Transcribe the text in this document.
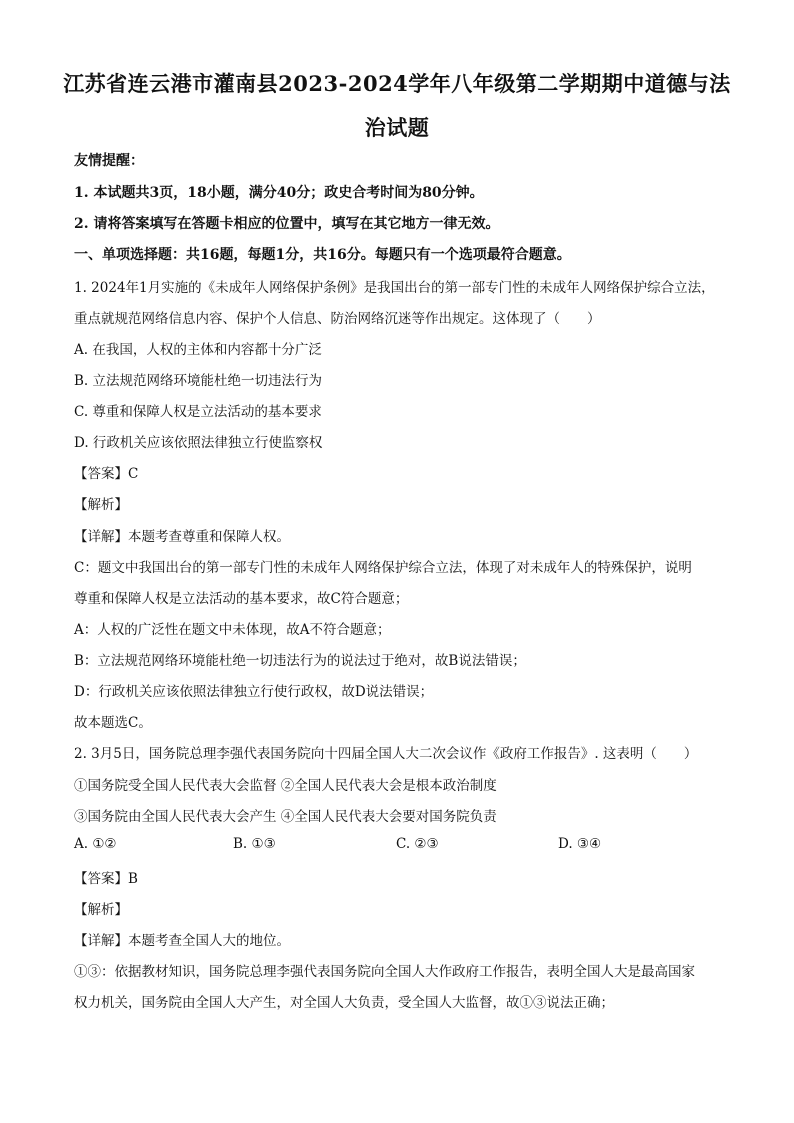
江苏省连云港市灌南县2023-2024学年八年级第二学期期中道德与法
治试题
友情提醒：
1. 本试题共3页，18小题，满分40分；政史合考时间为80分钟。
2. 请将答案填写在答题卡相应的位置中，填写在其它地方一律无效。
一、单项选择题：共16题，每题1分，共16分。每题只有一个选项最符合题意。
1. 2024年1月实施的《未成年人网络保护条例》是我国出台的第一部专门性的未成年人网络保护综合立法，
重点就规范网络信息内容、保护个人信息、防治网络沉迷等作出规定。这体现了（　　）
A. 在我国，人权的主体和内容都十分广泛
B. 立法规范网络环境能杜绝一切违法行为
C. 尊重和保障人权是立法活动的基本要求
D. 行政机关应该依照法律独立行使监察权
【答案】C
【解析】
【详解】本题考查尊重和保障人权。
C：题文中我国出台的第一部专门性的未成年人网络保护综合立法，体现了对未成年人的特殊保护，说明
尊重和保障人权是立法活动的基本要求，故C符合题意；
A：人权的广泛性在题文中未体现，故A不符合题意；
B：立法规范网络环境能杜绝一切违法行为的说法过于绝对，故B说法错误；
D：行政机关应该依照法律独立行使行政权，故D说法错误；
故本题选C。
2. 3月5日，国务院总理李强代表国务院向十四届全国人大二次会议作《政府工作报告》. 这表明（　　）
①国务院受全国人民代表大会监督 ②全国人民代表大会是根本政治制度
③国务院由全国人民代表大会产生 ④全国人民代表大会要对国务院负责
A. ①②	B. ①③	C. ②③	D. ③④
【答案】B
【解析】
【详解】本题考查全国人大的地位。
①③：依据教材知识，国务院总理李强代表国务院向全国人大作政府工作报告，表明全国人大是最高国家
权力机关，国务院由全国人大产生，对全国人大负责，受全国人大监督，故①③说法正确；
